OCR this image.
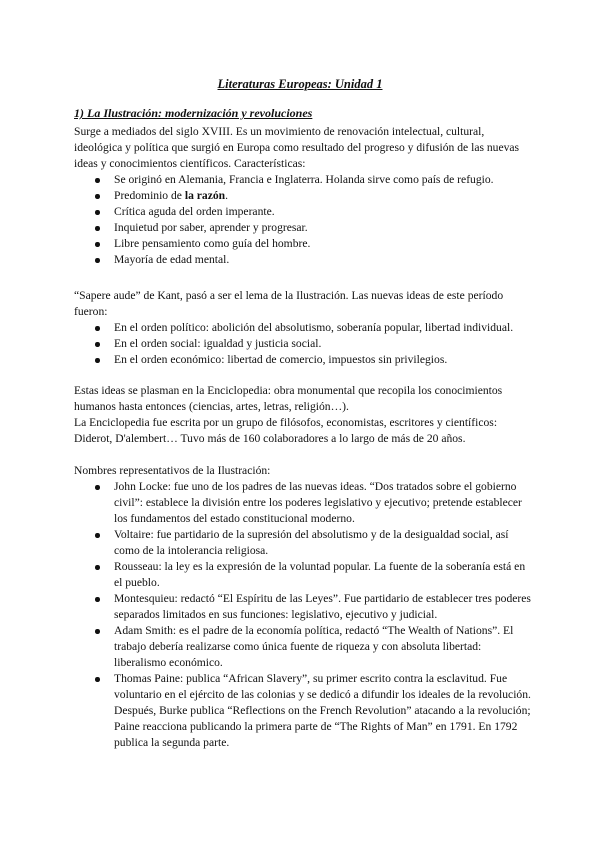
Literaturas Europeas: Unidad 1
1) La Ilustración: modernización y revoluciones

Surge a mediados del siglo XVIII. Es un movimiento de renovación intelectual, cultural, ideológica y política que surgió en Europa como resultado del progreso y difusión de las nuevas ideas y conocimientos científicos. Características:

Se originó en Alemania, Francia e Inglaterra. Holanda sirve como país de refugio.
Predominio de la razón.
Crítica aguda del orden imperante.
Inquietud por saber, aprender y progresar.
Libre pensamiento como guía del hombre.
Mayoría de edad mental.

“Sapere aude” de Kant, pasó a ser el lema de la Ilustración. Las nuevas ideas de este período fueron:

En el orden político: abolición del absolutismo, soberanía popular, libertad individual.
En el orden social: igualdad y justicia social.
En el orden económico: libertad de comercio, impuestos sin privilegios.

Estas ideas se plasman en la Enciclopedia: obra monumental que recopila los conocimientos humanos hasta entonces (ciencias, artes, letras, religión…).

La Enciclopedia fue escrita por un grupo de filósofos, economistas, escritores y científicos: Diderot, D'alembert… Tuvo más de 160 colaboradores a lo largo de más de 20 años.

Nombres representativos de la Ilustración:

John Locke: fue uno de los padres de las nuevas ideas. “Dos tratados sobre el gobierno civil”: establece la división entre los poderes legislativo y ejecutivo; pretende establecer los fundamentos del estado constitucional moderno.
Voltaire: fue partidario de la supresión del absolutismo y de la desigualdad social, así como de la intolerancia religiosa.
Rousseau: la ley es la expresión de la voluntad popular. La fuente de la soberanía está en el pueblo.
Montesquieu: redactó “El Espíritu de las Leyes”. Fue partidario de establecer tres poderes separados limitados en sus funciones: legislativo, ejecutivo y judicial.
Adam Smith: es el padre de la economía política, redactó “The Wealth of Nations”. El trabajo debería realizarse como única fuente de riqueza y con absoluta libertad: liberalismo económico.
Thomas Paine: publica “African Slavery”, su primer escrito contra la esclavitud. Fue voluntario en el ejército de las colonias y se dedicó a difundir los ideales de la revolución. Después, Burke publica “Reflections on the French Revolution” atacando a la revolución; Paine reacciona publicando la primera parte de “The Rights of Man” en 1791. En 1792 publica la segunda parte.
